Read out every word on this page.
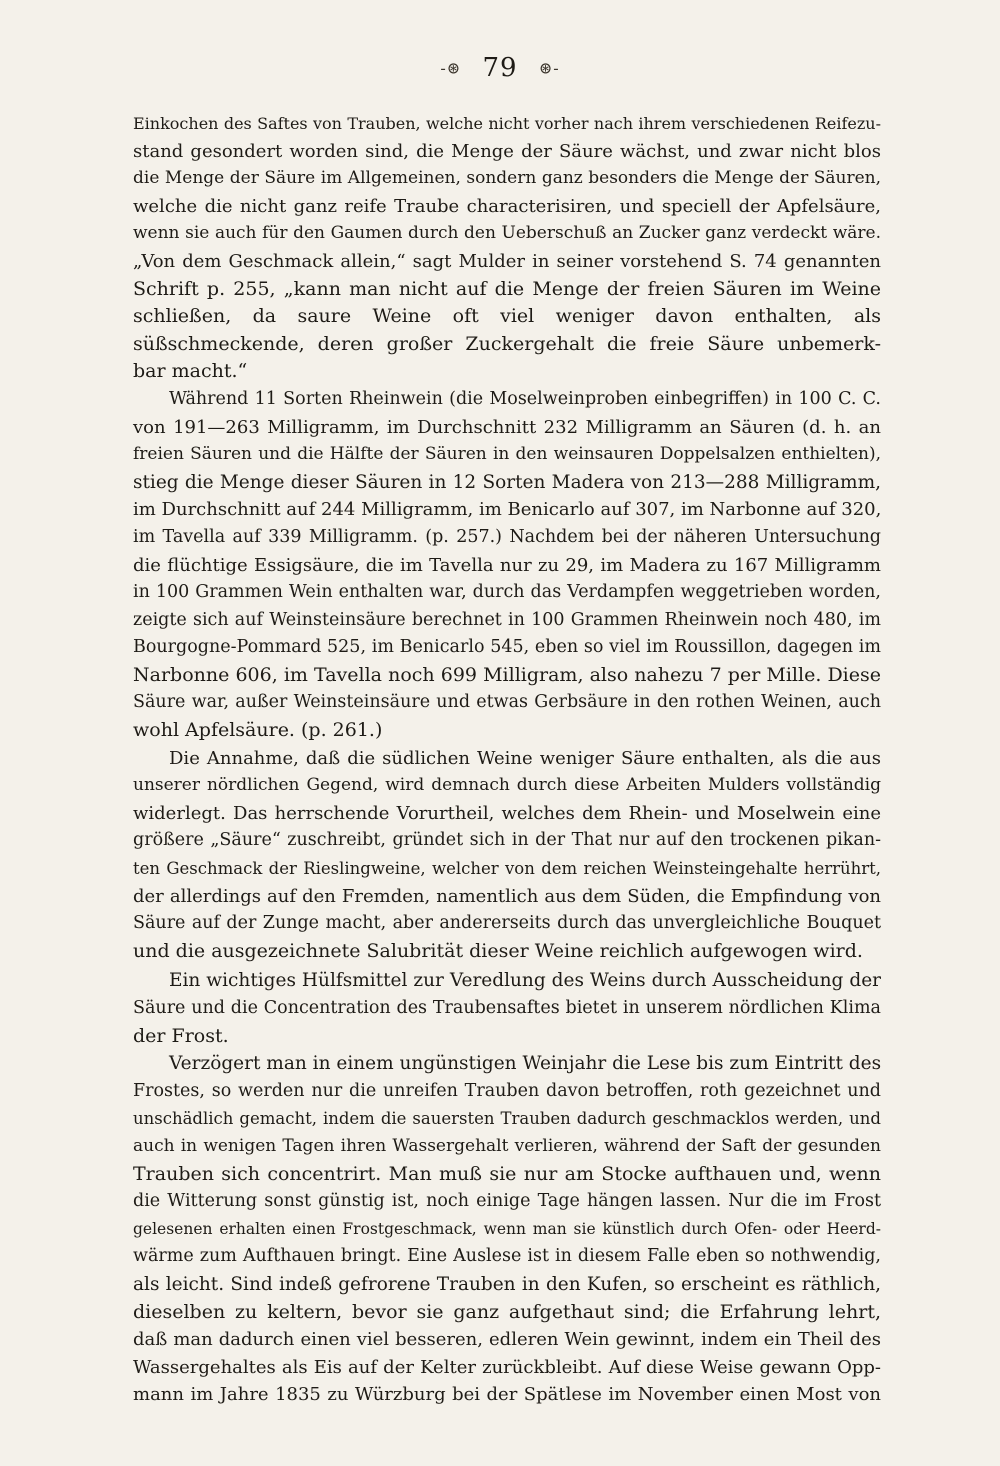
-⊛ 79 ⊛-
Einkochen des Saftes von Trauben, welche nicht vorher nach ihrem verschiedenen Reifezu-
stand gesondert worden sind, die Menge der Säure wächst, und zwar nicht blos
die Menge der Säure im Allgemeinen, sondern ganz besonders die Menge der Säuren,
welche die nicht ganz reife Traube characterisiren, und speciell der Apfelsäure,
wenn sie auch für den Gaumen durch den Ueberschuß an Zucker ganz verdeckt wäre.
„Von dem Geschmack allein,“ sagt Mulder in seiner vorstehend S. 74 genannten
Schrift p. 255, „kann man nicht auf die Menge der freien Säuren im Weine
schließen, da saure Weine oft viel weniger davon enthalten, als
süßschmeckende, deren großer Zuckergehalt die freie Säure unbemerk-
bar macht.“
Während 11 Sorten Rheinwein (die Moselweinproben einbegriffen) in 100 C. C.
von 191—263 Milligramm, im Durchschnitt 232 Milligramm an Säuren (d. h. an
freien Säuren und die Hälfte der Säuren in den weinsauren Doppelsalzen enthielten),
stieg die Menge dieser Säuren in 12 Sorten Madera von 213—288 Milligramm,
im Durchschnitt auf 244 Milligramm, im Benicarlo auf 307, im Narbonne auf 320,
im Tavella auf 339 Milligramm. (p. 257.) Nachdem bei der näheren Untersuchung
die flüchtige Essigsäure, die im Tavella nur zu 29, im Madera zu 167 Milligramm
in 100 Grammen Wein enthalten war, durch das Verdampfen weggetrieben worden,
zeigte sich auf Weinsteinsäure berechnet in 100 Grammen Rheinwein noch 480, im
Bourgogne-Pommard 525, im Benicarlo 545, eben so viel im Roussillon, dagegen im
Narbonne 606, im Tavella noch 699 Milligram, also nahezu 7 per Mille. Diese
Säure war, außer Weinsteinsäure und etwas Gerbsäure in den rothen Weinen, auch
wohl Apfelsäure. (p. 261.)
Die Annahme, daß die südlichen Weine weniger Säure enthalten, als die aus
unserer nördlichen Gegend, wird demnach durch diese Arbeiten Mulders vollständig
widerlegt. Das herrschende Vorurtheil, welches dem Rhein- und Moselwein eine
größere „Säure“ zuschreibt, gründet sich in der That nur auf den trockenen pikan-
ten Geschmack der Rieslingweine, welcher von dem reichen Weinsteingehalte herrührt,
der allerdings auf den Fremden, namentlich aus dem Süden, die Empfindung von
Säure auf der Zunge macht, aber andererseits durch das unvergleichliche Bouquet
und die ausgezeichnete Salubrität dieser Weine reichlich aufgewogen wird.
Ein wichtiges Hülfsmittel zur Veredlung des Weins durch Ausscheidung der
Säure und die Concentration des Traubensaftes bietet in unserem nördlichen Klima
der Frost.
Verzögert man in einem ungünstigen Weinjahr die Lese bis zum Eintritt des
Frostes, so werden nur die unreifen Trauben davon betroffen, roth gezeichnet und
unschädlich gemacht, indem die sauersten Trauben dadurch geschmacklos werden, und
auch in wenigen Tagen ihren Wassergehalt verlieren, während der Saft der gesunden
Trauben sich concentrirt. Man muß sie nur am Stocke aufthauen und, wenn
die Witterung sonst günstig ist, noch einige Tage hängen lassen. Nur die im Frost
gelesenen erhalten einen Frostgeschmack, wenn man sie künstlich durch Ofen- oder Heerd-
wärme zum Aufthauen bringt. Eine Auslese ist in diesem Falle eben so nothwendig,
als leicht. Sind indeß gefrorene Trauben in den Kufen, so erscheint es räthlich,
dieselben zu keltern, bevor sie ganz aufgethaut sind; die Erfahrung lehrt,
daß man dadurch einen viel besseren, edleren Wein gewinnt, indem ein Theil des
Wassergehaltes als Eis auf der Kelter zurückbleibt. Auf diese Weise gewann Opp-
mann im Jahre 1835 zu Würzburg bei der Spätlese im November einen Most von
